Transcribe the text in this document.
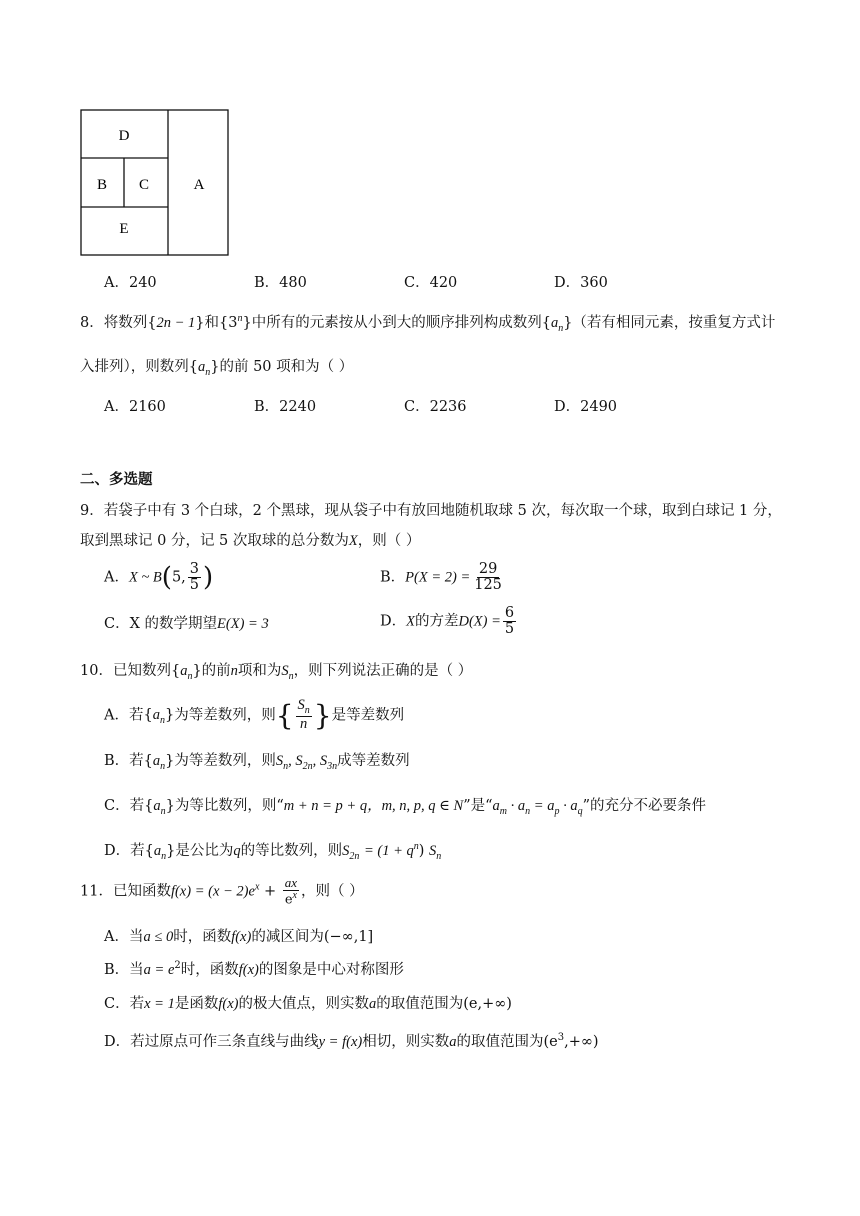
D
B C
E
A
A．240	B．480	C．420	D．360
8．将数列{2n − 1}和{3$^n$}中所有的元素按从小到大的顺序排列构成数列$\{a_n\}$（若有相同元素，按重复方式计
入排列），则数列$\{a_n\}$的前 50 项和为（ ）
A．2160	B．2240	C．2236	D．2490
二、多选题
9．若袋子中有 3 个白球，2 个黑球，现从袋子中有放回地随机取球 5 次，每次取一个球，取到白球记 1 分，
取到黑球记 0 分，记 5 次取球的总分数为X，则（ ）
A．X ~ B(5, $\frac{3}{5}$ )	B．$P(X = 2) = \frac{29}{125}$
C．X 的数学期望E(X) = 3	D．X的方差$D(X) = \frac{6}{5}$
10．已知数列$\{a_n\}$的前n项和为$S_n$，则下列说法正确的是（ ）
A．若$\{a_n\}$为等差数列，则{ $\frac{S_n}{n}$ }是等差数列
B．若$\{a_n\}$为等差数列，则$S_n$, $S_{2n}$, $S_{3n}$成等差数列
C．若$\{a_n\}$为等比数列，则“m + n = p + q，m, n, p, q ∈ N”是“$a_m \cdot a_n = a_p \cdot a_q$”的充分不必要条件
D．若$\{a_n\}$是公比为q的等比数列，则$S_{2n} = (1 + q^n)$ $S_n$
11．已知函数$f(x) = (x - 2)e^x + \frac{ax}{e^x}$ ，则（ ）
A．当a ≤ 0时，函数f(x)的减区间为(−∞,1]
B．当$a = e^2$时，函数f(x)的图象是中心对称图形
C．若x = 1是函数f(x)的极大值点，则实数a的取值范围为(e,+∞)
D．若过原点可作三条直线与曲线y = f(x)相切，则实数a的取值范围为$(e^3,+\infty)$
